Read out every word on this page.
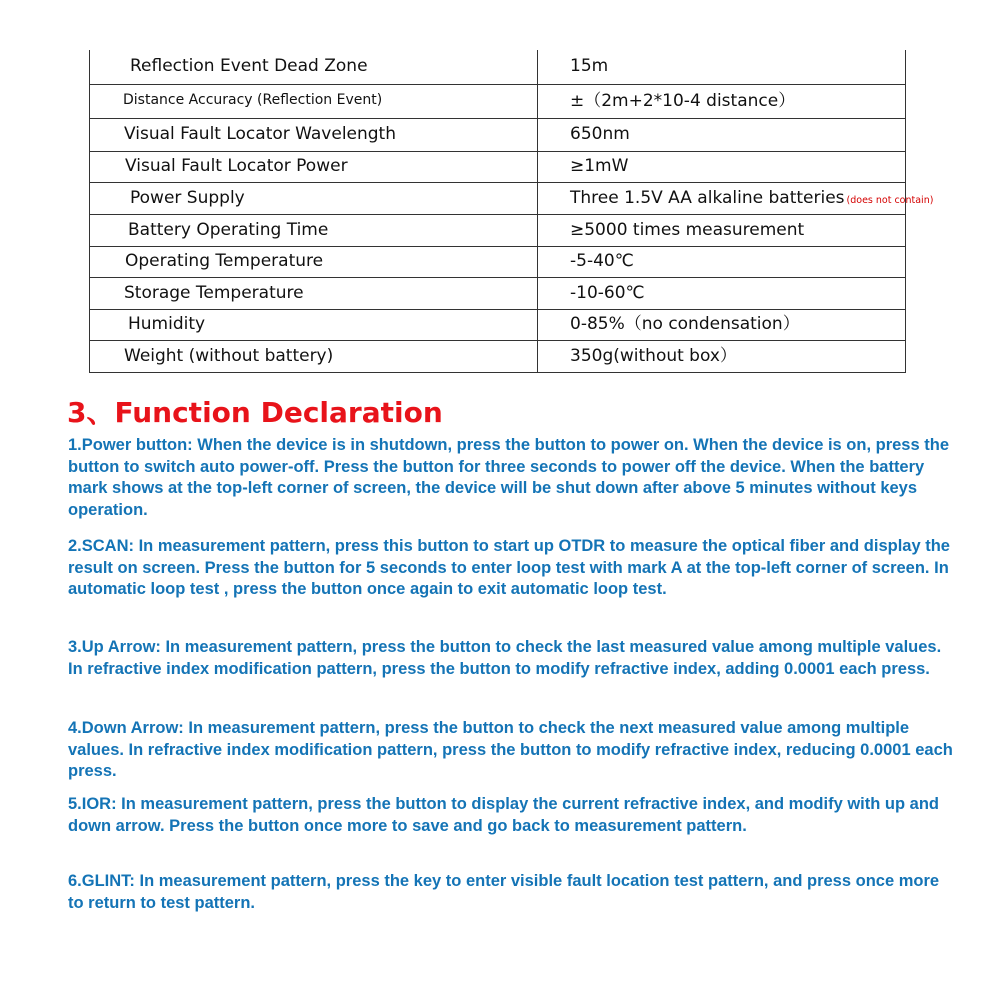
Reflection Event Dead Zone	15m
Distance Accuracy (Reflection Event)	±（2m+2*10-4 distance）
Visual Fault Locator Wavelength	650nm
Visual Fault Locator Power	≥1mW
Power Supply	Three 1.5V AA alkaline batteries (does not contain)
Battery Operating Time	≥5000 times measurement
Operating Temperature	-5-40℃
Storage Temperature	-10-60℃
Humidity	0-85%（no condensation）
Weight (without battery)	350g(without box）
3、Function Declaration

1.Power button: When the device is in shutdown, press the button to power on. When the device is on, press the button to switch auto power-off. Press the button for three seconds to power off the device. When the battery mark shows at the top-left corner of screen, the device will be shut down after above 5 minutes without keys operation.

2.SCAN: In measurement pattern, press this button to start up OTDR to measure the optical fiber and display the result on screen. Press the button for 5 seconds to enter loop test with mark A at the top-left corner of screen. In automatic loop test , press the button once again to exit automatic loop test.

3.Up Arrow: In measurement pattern, press the button to check the last measured value among multiple values. In refractive index modification pattern, press the button to modify refractive index, adding 0.0001 each press.

4.Down Arrow: In measurement pattern, press the button to check the next measured value among multiple values. In refractive index modification pattern, press the button to modify refractive index, reducing 0.0001 each press.

5.IOR: In measurement pattern, press the button to display the current refractive index, and modify with up and down arrow. Press the button once more to save and go back to measurement pattern.

6.GLINT: In measurement pattern, press the key to enter visible fault location test pattern, and press once more to return to test pattern.
